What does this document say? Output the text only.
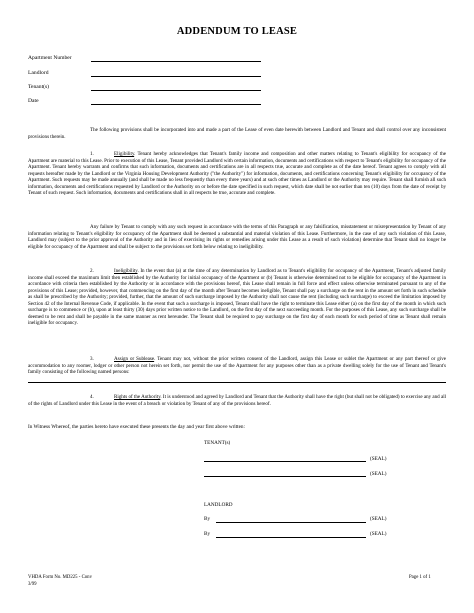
ADDENDUM TO LEASE
Apartment Number
Landlord
Tenant(s)
Date

The following provisions shall be incorporated into and made a part of the Lease of even date herewith between Landlord and Tenant and shall control over any inconsistent provisions therein.

1.	Eligibility. Tenant hereby acknowledges that Tenant's family income and composition and other matters relating to Tenant's eligibility for occupancy of the Apartment are material to this Lease. Prior to execution of this Lease, Tenant provided Landlord with certain information, documents and certifications with respect to Tenant's eligibility for occupancy of the Apartment. Tenant hereby warrants and confirms that such information, documents and certifications are in all respects true, accurate and complete as of the date hereof. Tenant agrees to comply with all requests hereafter made by the Landlord or the Virginia Housing Development Authority ("the Authority") for information, documents, and certifications concerning Tenant's eligibility for occupancy of the Apartment. Such requests may be made annually (and shall be made no less frequently than every three years) and at such other times as Landlord or the Authority may require. Tenant shall furnish all such information, documents and certifications requested by Landlord or the Authority on or before the date specified in such request, which date shall be not earlier than ten (10) days from the date of receipt by Tenant of such request. Such information, documents and certifications shall in all respects be true, accurate and complete.

Any failure by Tenant to comply with any such request in accordance with the terms of this Paragraph or any falsification, misstatement or misrepresentation by Tenant of any information relating to Tenant's eligibility for occupancy of the Apartment shall be deemed a substantial and material violation of this Lease. Furthermore, in the case of any such violation of this Lease, Landlord may (subject to the prior approval of the Authority and in lieu of exercising its rights or remedies arising under this Lease as a result of such violation) determine that Tenant shall no longer be eligible for occupancy of the Apartment and shall be subject to the provisions set forth below relating to ineligibility.

2.	Ineligibility. In the event that (a) at the time of any determination by Landlord as to Tenant's eligibility for occupancy of the Apartment, Tenant's adjusted family income shall exceed the maximum limit then established by the Authority for initial occupancy of the Apartment or (b) Tenant is otherwise determined not to be eligible for occupancy of the Apartment in accordance with criteria then established by the Authority or in accordance with the provisions hereof, this Lease shall remain in full force and effect unless otherwise terminated pursuant to any of the provisions of this Lease; provided, however, that commencing on the first day of the month after Tenant becomes ineligible, Tenant shall pay a surcharge on the rent in the amount set forth in such schedule as shall be prescribed by the Authority; provided, further, that the amount of such surcharge imposed by the Authority shall not cause the rent (including such surcharge) to exceed the limitation imposed by Section 42 of the Internal Revenue Code, if applicable. In the event that such a surcharge is imposed, Tenant shall have the right to terminate this Lease either (a) on the first day of the month in which such surcharge is to commence or (b), upon at least thirty (30) days prior written notice to the Landlord, on the first day of the next succeeding month. For the purposes of this Lease, any such surcharge shall be deemed to be rent and shall be payable in the same manner as rent hereunder. The Tenant shall be required to pay surcharge on the first day of each month for each period of time as Tenant shall remain ineligible for occupancy.

3.	Assign or Sublease. Tenant may not, without the prior written consent of the Landlord, assign this Lease or sublet the Apartment or any part thereof or give accommodation to any roomer, lodger or other person not herein set forth, nor permit the use of the Apartment for any purposes other than as a private dwelling solely for the use of Tenant and Tenant's family consisting of the following named persons:

4.	Rights of the Authority. It is understood and agreed by Landlord and Tenant that the Authority shall have the right (but shall not be obligated) to exercise any and all of the rights of Landlord under this Lease in the event of a breach or violation by Tenant of any of the provisions hereof.

In Witness Whereof, the parties hereto have executed these presents the day and year first above written:
TENANT(s)
(SEAL)
(SEAL)
LANDLORD
By	(SEAL)
By	(SEAL)
VHDA Form No. MD225 - Conv
3/99
Page 1 of 1
